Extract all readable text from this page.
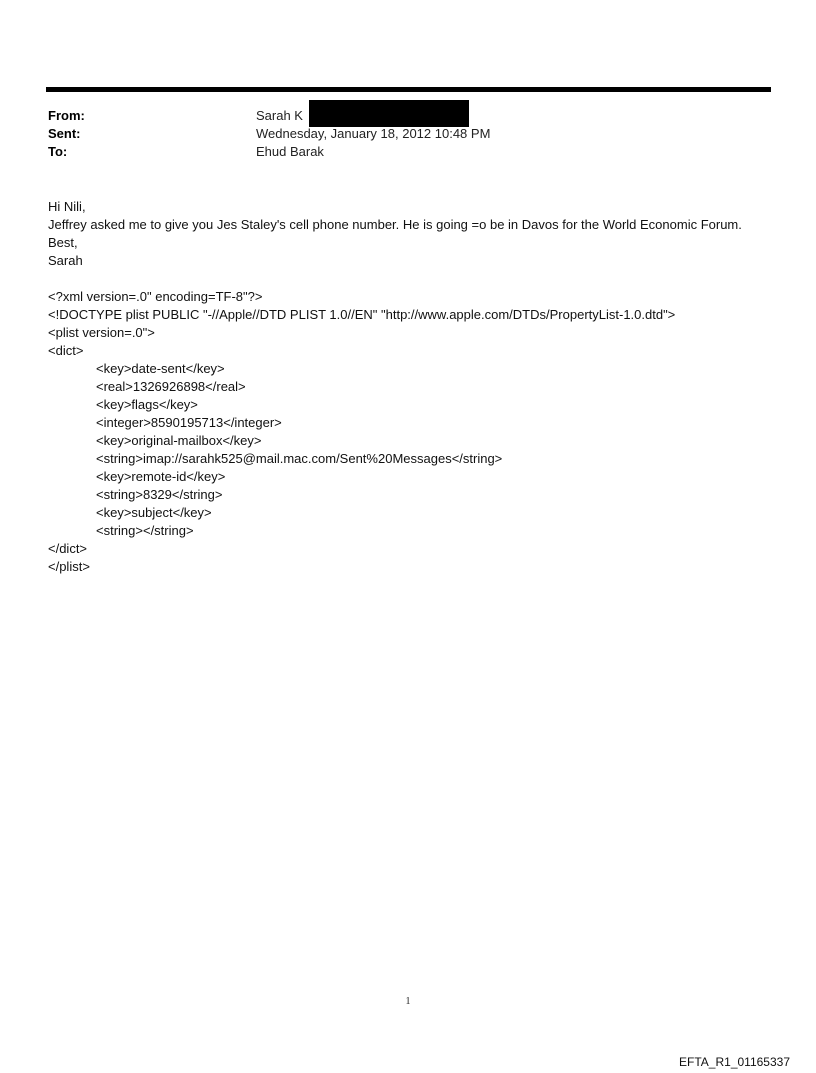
From:	Sarah K
Sent:	Wednesday, January 18, 2012 10:48 PM
To:	Ehud Barak
Hi Nili,
Jeffrey asked me to give you Jes Staley's cell phone number. He is going =o be in Davos for the World Economic Forum.
Best,
Sarah
<?xml version=.0" encoding=TF-8"?>
<!DOCTYPE plist PUBLIC "-//Apple//DTD PLIST 1.0//EN" "http://www.apple.com/DTDs/PropertyList-1.0.dtd">
<plist version=.0">
<dict>
<key>date-sent</key>
<real>1326926898</real>
<key>flags</key>
<integer>8590195713</integer>
<key>original-mailbox</key>
<string>imap://sarahk525@mail.mac.com/Sent%20Messages</string>
<key>remote-id</key>
<string>8329</string>
<key>subject</key>
<string></string>
</dict>
</plist>
1
EFTA_R1_01165337
